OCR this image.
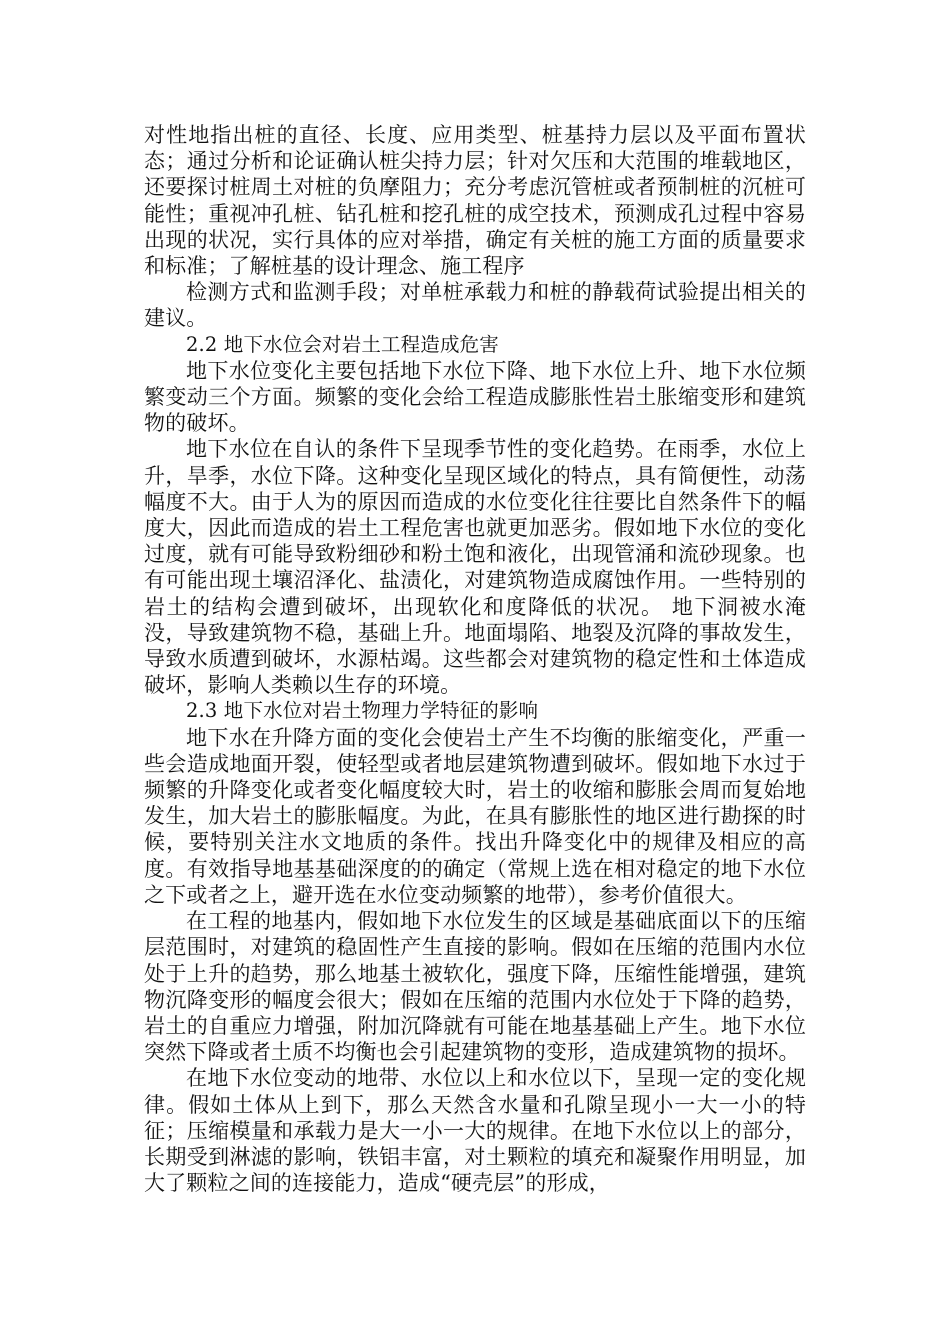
对性地指出桩的直径、长度、应用类型、桩基持力层以及平面布置状态；通过分析和论证确认桩尖持力层；针对欠压和大范围的堆载地区，还要探讨桩周土对桩的负摩阻力；充分考虑沉管桩或者预制桩的沉桩可能性；重视冲孔桩、钻孔桩和挖孔桩的成空技术，预测成孔过程中容易出现的状况，实行具体的应对举措，确定有关桩的施工方面的质量要求和标准；了解桩基的设计理念、施工程序

检测方式和监测手段；对单桩承载力和桩的静载荷试验提出相关的建议。

2.2 地下水位会对岩土工程造成危害

地下水位变化主要包括地下水位下降、地下水位上升、地下水位频繁变动三个方面。频繁的变化会给工程造成膨胀性岩土胀缩变形和建筑物的破坏。

地下水位在自认的条件下呈现季节性的变化趋势。在雨季，水位上升，旱季，水位下降。这种变化呈现区域化的特点，具有简便性，动荡幅度不大。由于人为的原因而造成的水位变化往往要比自然条件下的幅度大，因此而造成的岩土工程危害也就更加恶劣。假如地下水位的变化过度，就有可能导致粉细砂和粉土饱和液化，出现管涌和流砂现象。也有可能出现土壤沼泽化、盐渍化，对建筑物造成腐蚀作用。一些特别的岩土的结构会遭到破坏，出现软化和度降低的状况。 地下洞被水淹没，导致建筑物不稳，基础上升。地面塌陷、地裂及沉降的事故发生，导致水质遭到破坏，水源枯竭。这些都会对建筑物的稳定性和土体造成破坏，影响人类赖以生存的环境。

2.3 地下水位对岩土物理力学特征的影响

地下水在升降方面的变化会使岩土产生不均衡的胀缩变化，严重一些会造成地面开裂，使轻型或者地层建筑物遭到破坏。假如地下水过于频繁的升降变化或者变化幅度较大时，岩土的收缩和膨胀会周而复始地发生，加大岩土的膨胀幅度。为此，在具有膨胀性的地区进行勘探的时候，要特别关注水文地质的条件。找出升降变化中的规律及相应的高度。有效指导地基基础深度的的确定（常规上选在相对稳定的地下水位之下或者之上，避开选在水位变动频繁的地带），参考价值很大。

在工程的地基内，假如地下水位发生的区域是基础底面以下的压缩层范围时，对建筑的稳固性产生直接的影响。假如在压缩的范围内水位处于上升的趋势，那么地基土被软化，强度下降，压缩性能增强，建筑物沉降变形的幅度会很大；假如在压缩的范围内水位处于下降的趋势，岩土的自重应力增强，附加沉降就有可能在地基基础上产生。地下水位突然下降或者土质不均衡也会引起建筑物的变形，造成建筑物的损坏。

在地下水位变动的地带、水位以上和水位以下，呈现一定的变化规律。假如土体从上到下，那么天然含水量和孔隙呈现小一大一小的特征；压缩模量和承载力是大一小一大的规律。在地下水位以上的部分，长期受到淋滤的影响，铁铝丰富，对土颗粒的填充和凝聚作用明显，加大了颗粒之间的连接能力，造成“硬壳层”的形成，
